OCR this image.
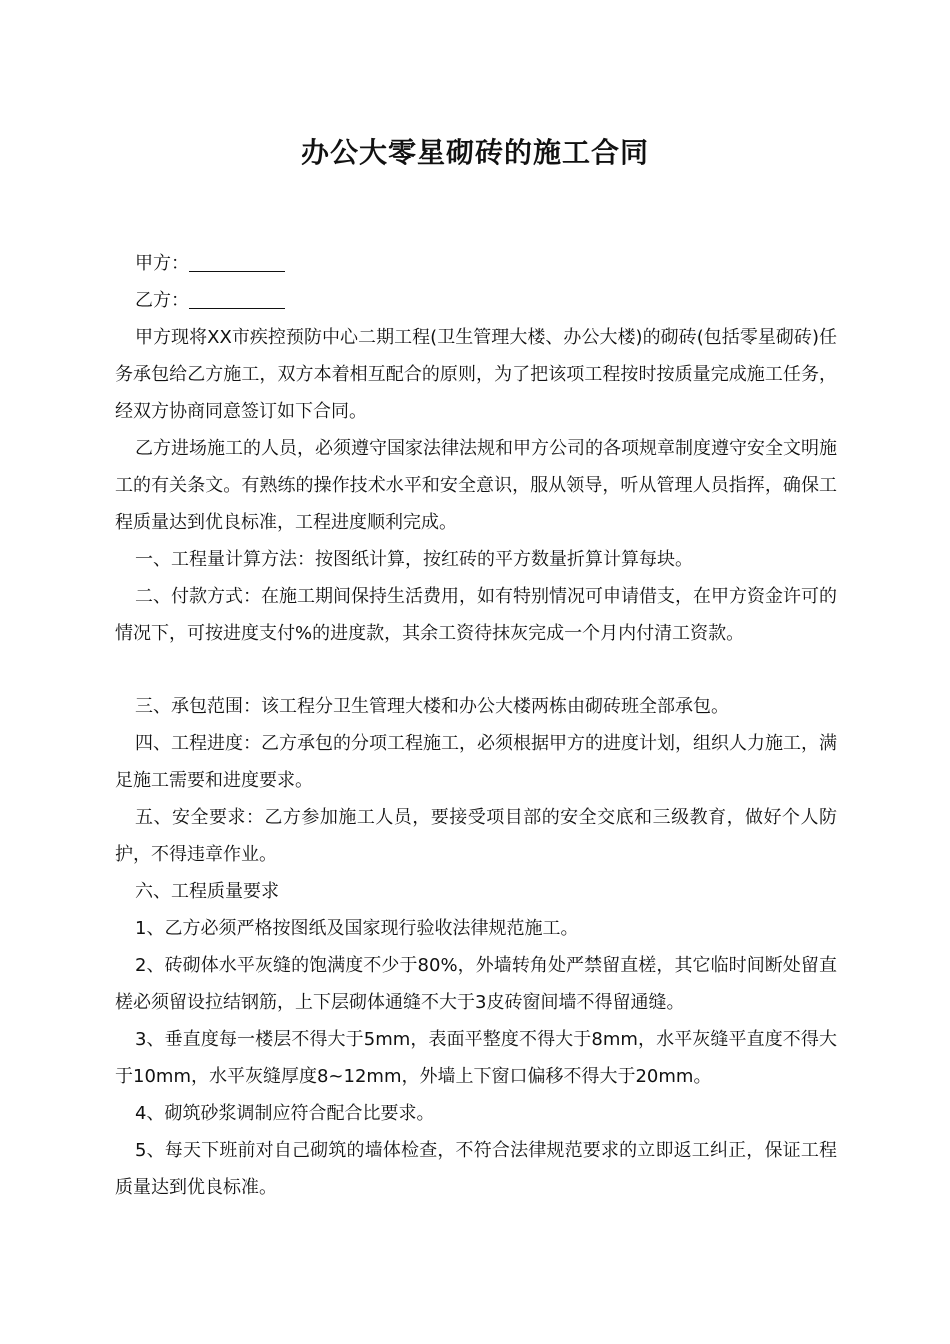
办公大零星砌砖的施工合同

甲方：

乙方：

甲方现将XX市疾控预防中心二期工程(卫生管理大楼、办公大楼)的砌砖(包括零星砌砖)任务承包给乙方施工，双方本着相互配合的原则，为了把该项工程按时按质量完成施工任务，经双方协商同意签订如下合同。

乙方进场施工的人员，必须遵守国家法律法规和甲方公司的各项规章制度遵守安全文明施工的有关条文。有熟练的操作技术水平和安全意识，服从领导，听从管理人员指挥，确保工程质量达到优良标准，工程进度顺利完成。

一、工程量计算方法：按图纸计算，按红砖的平方数量折算计算每块。

二、付款方式：在施工期间保持生活费用，如有特别情况可申请借支，在甲方资金许可的情况下，可按进度支付%的进度款，其余工资待抹灰完成一个月内付清工资款。

三、承包范围：该工程分卫生管理大楼和办公大楼两栋由砌砖班全部承包。

四、工程进度：乙方承包的分项工程施工，必须根据甲方的进度计划，组织人力施工，满足施工需要和进度要求。

五、安全要求：乙方参加施工人员，要接受项目部的安全交底和三级教育，做好个人防护，不得违章作业。

六、工程质量要求

1、乙方必须严格按图纸及国家现行验收法律规范施工。

2、砖砌体水平灰缝的饱满度不少于80%，外墙转角处严禁留直槎，其它临时间断处留直槎必须留设拉结钢筋，上下层砌体通缝不大于3皮砖窗间墙不得留通缝。

3、垂直度每一楼层不得大于5mm，表面平整度不得大于8mm，水平灰缝平直度不得大于10mm，水平灰缝厚度8~12mm，外墙上下窗口偏移不得大于20mm。

4、砌筑砂浆调制应符合配合比要求。

5、每天下班前对自己砌筑的墙体检查，不符合法律规范要求的立即返工纠正，保证工程质量达到优良标准。
